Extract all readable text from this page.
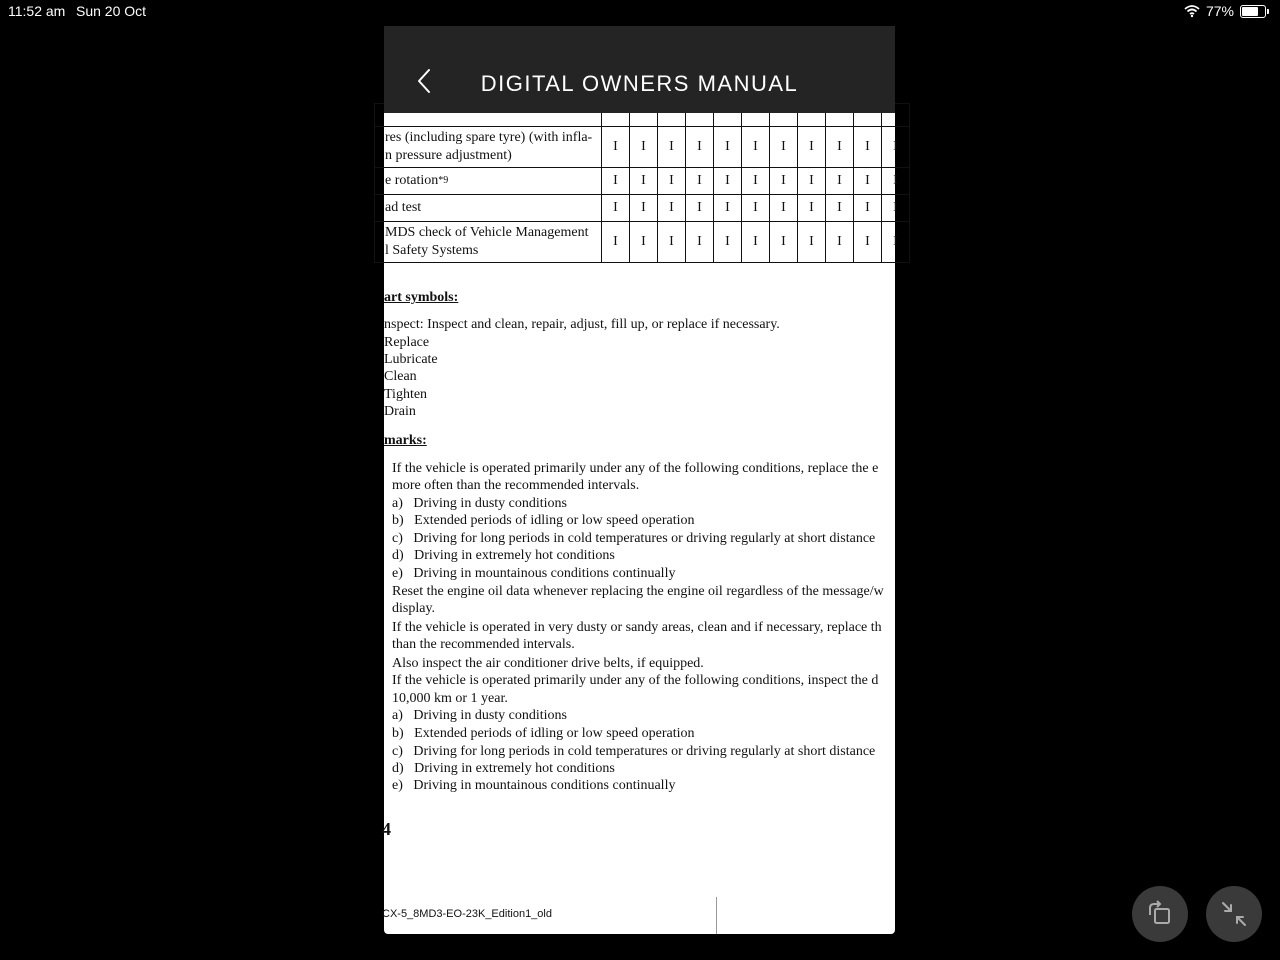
11:52 am Sun 20 Oct	77%

res (including spare tyre) (with infla-
n pressure adjustment)	I	I	I	I	I	I	I	I	I	I	I

e rotation *9	I	I	I	I	I	I	I	I	I	I	I

ad test	I	I	I	I	I	I	I	I	I	I	I

MDS check of Vehicle Management
l Safety Systems	I	I	I	I	I	I	I	I	I	I	I
art symbols:
nspect: Inspect and clean, repair, adjust, fill up, or replace if necessary.
Replace
Lubricate
Clean
Tighten
Drain
marks:
If the vehicle is operated primarily under any of the following conditions, replace the e
more often than the recommended intervals.
a)  Driving in dusty conditions
b)  Extended periods of idling or low speed operation
c)  Driving for long periods in cold temperatures or driving regularly at short distance
d)  Driving in extremely hot conditions
e)  Driving in mountainous conditions continually
Reset the engine oil data whenever replacing the engine oil regardless of the message/w
display.
If the vehicle is operated in very dusty or sandy areas, clean and if necessary, replace th
than the recommended intervals.
Also inspect the air conditioner drive belts, if equipped.
If the vehicle is operated primarily under any of the following conditions, inspect the d
10,000 km or 1 year.
a)  Driving in dusty conditions
b)  Extended periods of idling or low speed operation
c)  Driving for long periods in cold temperatures or driving regularly at short distance
d)  Driving in extremely hot conditions
e)  Driving in mountainous conditions continually
4
CX-5_8MD3-EO-23K_Edition1_old
DIGITAL OWNERS MANUAL
